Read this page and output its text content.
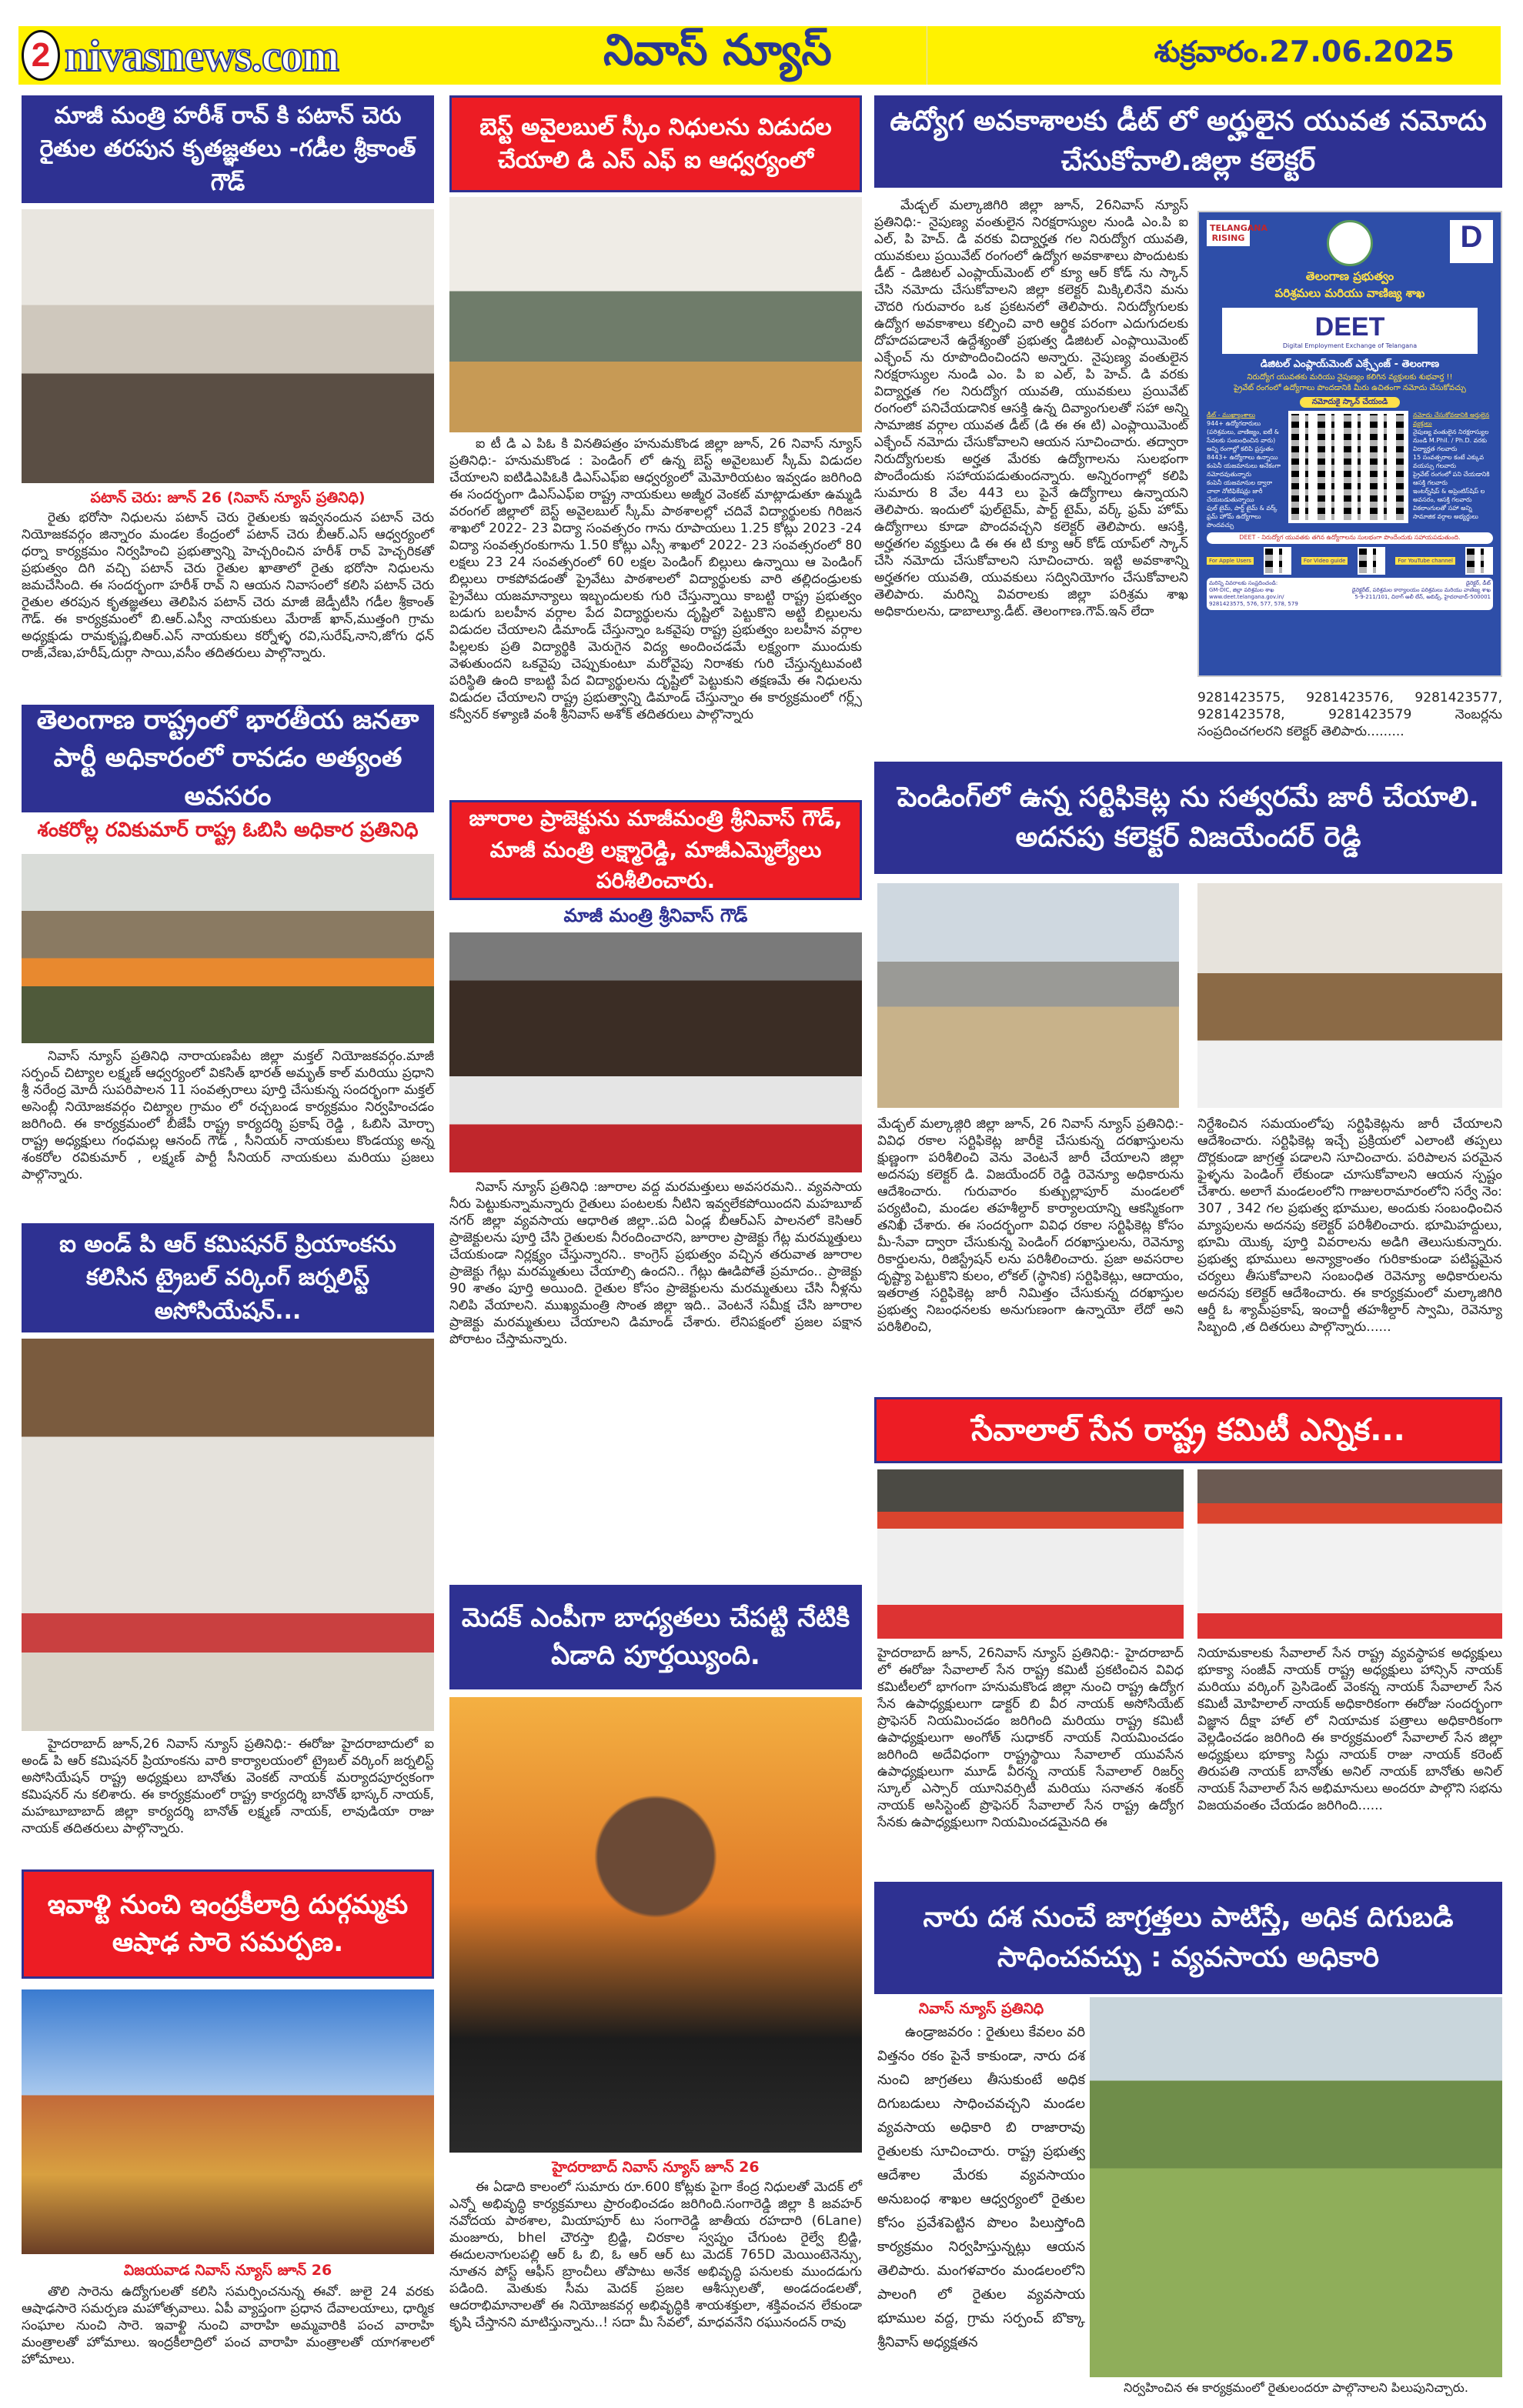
2 nivasnews.com	నివాస్ న్యూస్	శుక్రవారం.27.06.2025
మాజీ మంత్రి హరీశ్ రావ్ కి పటాన్ చెరు రైతుల తరపున కృతజ్ఞతలు -గడీల శ్రీకాంత్ గౌడ్
పటాన్ చెరు: జూన్ 26 (నివాస్ న్యూస్ ప్రతినిధి)

రైతు భరోసా నిధులను పటాన్ చెరు రైతులకు ఇవ్వనందున పటాన్ చెరు నియోజకవర్గం జిన్నారం మండల కేంద్రంలో పటాన్ చెరు బీఆర్.ఎస్ ఆధ్వర్యంలో ధర్నా కార్యక్రమం నిర్వహించి ప్రభుత్వాన్ని హెచ్చరించిన హరీశ్ రావ్ హెచ్చరికతో ప్రభుత్వం దిగి వచ్చి పటాన్ చెరు రైతుల ఖాతాలో రైతు భరోసా నిధులను జమచేసింది. ఈ సందర్భంగా హరీశ్ రావ్ ని ఆయన నివాసంలో కలిసి పటాన్ చెరు రైతుల తరపున కృతజ్ఞతలు తెలిపిన పటాన్ చెరు మాజీ జెడ్పీటీసి గడీల శ్రీకాంత్ గౌడ్. ఈ కార్యక్రమంలో బి.ఆర్.ఎస్వీ నాయకులు మేరాజ్ ఖాన్,ముత్తంగి గ్రామ అధ్యక్షుడు రామకృష్ణ,బిఆర్.ఎస్ నాయకులు కర్నోళ్ళ రవి,సురేష్,నాని,జోగు ధన్ రాజ్,వేణు,హరీష్,దుర్గా సాయి,వసీం తదితరులు పాల్గొన్నారు.

తెలంగాణ రాష్ట్రంలో భారతీయ జనతా పార్టీ అధికారంలో రావడం అత్యంత అవసరం
శంకరోల్ల రవికుమార్ రాష్ట్ర ఓబిసి అధికార ప్రతినిధి

నివాస్ న్యూస్ ప్రతినిధి నారాయణపేట జిల్లా మక్తల్ నియోజకవర్గం.మాజీ సర్పంచ్ చిట్యాల లక్ష్మణ్ ఆధ్వర్యంలో వికసిత్ భారత్ అమృత్ కాల్ మరియు ప్రధాని శ్రీ నరేంద్ర మోదీ సుపరిపాలన 11 సంవత్సరాలు పూర్తి చేసుకున్న సందర్భంగా మక్తల్ అసెంబ్లీ నియోజకవర్గం చిట్యాల గ్రామం లో రచ్చబండ కార్యక్రమం నిర్వహించడం జరిగింది. ఈ కార్యక్రమంలో బీజేపీ రాష్ట్ర కార్యదర్శి ప్రకాష్ రెడ్డి , ఓబిసి మోర్చా రాష్ట్ర అధ్యక్షులు గంధమల్ల ఆనంద్ గౌడ్ , సీనియర్ నాయకులు కొండయ్య అన్న శంకరోల రవికుమార్ , లక్ష్మణ్ పార్టీ సీనియర్ నాయకులు మరియు ప్రజలు పాల్గొన్నారు.

ఐ అండ్ పి ఆర్ కమిషనర్ ప్రియాంకను కలిసిన ట్రైబల్ వర్కింగ్ జర్నలిస్ట్ అసోసియేషన్...

హైదరాబాద్ జూన్,26 నివాస్ న్యూస్ ప్రతినిధి:- ఈరోజు హైదరాబాదులో ఐ అండ్ పి ఆర్ కమిషనర్ ప్రియాంకను వారి కార్యాలయంలో ట్రైబల్ వర్కింగ్ జర్నలిస్ట్ అసోసియేషన్ రాష్ట్ర అధ్యక్షులు బానోతు వెంకట్ నాయక్ మర్యాదపూర్వకంగా కమిషనర్ ను కలిశారు. ఈ కార్యక్రమంలో రాష్ట్ర కార్యదర్శి బానోత్ భాస్కర్ నాయక్, మహబూబాబాద్ జిల్లా కార్యదర్శి బానోత్ లక్ష్మణ్ నాయక్, లావుడియా రాజు నాయక్ తదితరులు పాల్గొన్నారు.

ఇవాళ్టి నుంచి ఇంద్రకీలాద్రి దుర్గమ్మకు ఆషాఢ సారె సమర్పణ.
విజయవాడ నివాస్ న్యూస్ జూన్ 26

తొలి సారెను ఉద్యోగులతో కలిసి సమర్పించనున్న ఈవో. జులై 24 వరకు ఆషాఢసారె సమర్పణ మహోత్సవాలు. ఏపీ వ్యాప్తంగా ప్రధాన దేవాలయాలు, ధార్మిక సంఘాల నుంచి సారె. ఇవాళ్టి నుంచి వారాహి అమ్మవారికి పంచ వారాహి మంత్రాలతో హోమాలు. ఇంద్రకీలాద్రిలో పంచ వారాహి మంత్రాలతో యాగశాలలో హోమాలు.

బెస్ట్ అవైలబుల్ స్కీం నిధులను విడుదల చేయాలి డి ఎస్ ఎఫ్ ఐ ఆధ్వర్యంలో

ఐ టీ డి ఎ పిఓ కి వినతిపత్రం హనుమకొండ జిల్లా జూన్, 26 నివాస్ న్యూస్ ప్రతినిధి:- హనుమకొండ : పెండింగ్ లో ఉన్న బెస్ట్ అవైలబుల్ స్కీమ్ విడుదల చేయాలని ఐటిడిఎపిఓకి డిఎస్ఎఫ్ఐ ఆధ్వర్యంలో మెమోరియటం ఇవ్వడం జరిగింది ఈ సందర్భంగా డిఎస్ఎఫ్ఐ రాష్ట్ర నాయకులు అజ్మీర వెంకట్ మాట్లాడుతూ ఉమ్మడి వరంగల్ జిల్లాలో బెస్ట్ అవైలబుల్ స్కీమ్ పాఠశాలల్లో చదివే విద్యార్థులకు గిరిజన శాఖలో 2022- 23 విద్యా సంవత్సరం గాను రూపాయలు 1.25 కోట్లు 2023 -24 విద్యా సంవత్సరంకుగాను 1.50 కోట్లు ఎస్సీ శాఖలో 2022- 23 సంవత్సరంలో 80 లక్షలు 23 24 సంవత్సరంలో 60 లక్షల పెండింగ్ బిల్లులు ఉన్నాయి ఆ పెండింగ్ బిల్లులు రాకపోవడంతో ప్రైవేటు పాఠశాలలో విద్యార్థులకు వారి తల్లిదండ్రులకు ప్రైవేటు యజమాన్యాలు ఇబ్బందులకు గురి చేస్తున్నాయి కాబట్టి రాష్ట్ర ప్రభుత్వం బడుగు బలహీన వర్గాల పేద విద్యార్థులను దృష్టిలో పెట్టుకొని అట్టి బిల్లులను విడుదల చేయాలని డిమాండ్ చేస్తున్నాం ఒకవైపు రాష్ట్ర ప్రభుత్వం బలహీన వర్గాల పిల్లలకు ప్రతి విద్యార్థికి మెరుగైన విద్య అందించడమే లక్ష్యంగా ముందుకు వెళుతుందని ఒకవైపు చెప్పుకుంటూ మరోవైపు నిరాశకు గురి చేస్తున్నటువంటి పరిస్థితి ఉంది కాబట్టి పేద విద్యార్థులను దృష్టిలో పెట్టుకుని తక్షణమే ఈ నిధులను విడుదల చేయాలని రాష్ట్ర ప్రభుత్వాన్ని డిమాండ్ చేస్తున్నాం ఈ కార్యక్రమంలో గర్ల్స్ కన్వీనర్ కళ్యాణి వంశీ శ్రీనివాస్ అశోక్ తదితరులు పాల్గొన్నారు

జూరాల ప్రాజెక్టును మాజీమంత్రి శ్రీనివాస్ గౌడ్, మాజీ మంత్రి లక్ష్మారెడ్డి, మాజీఎమ్మెల్యేలు పరిశీలించారు.
మాజీ మంత్రి శ్రీనివాస్ గౌడ్

నివాస్ న్యూస్ ప్రతినిధి :జూరాల వద్ద మరమత్తులు అవసరమని.. వ్యవసాయ నీరు పెట్టుకున్నామన్నారు రైతులు పంటలకు నీటిని ఇవ్వలేకపోయిందని మహబూబ్ నగర్ జిల్లా వ్యవసాయ ఆధారిత జిల్లా..పది ఏండ్ల బీఆర్ఎస్ పాలనలో కెసిఆర్ ప్రాజెక్టులను పూర్తి చేసి రైతులకు నీరందించారని, జూరాల ప్రాజెక్టు గేట్ల మరమ్మత్తులు చేయకుండా నిర్లక్ష్యం చేస్తున్నారని.. కాంగ్రెస్ ప్రభుత్వం వచ్చిన తరువాత జూరాల ప్రాజెక్టు గేట్లు మరమ్మతులు చేయాల్సి ఉందని.. గేట్లు ఊడిపోతే ప్రమాదం.. ప్రాజెక్టు 90 శాతం పూర్తి అయింది. రైతుల కోసం ప్రాజెక్టులను మరమ్మతులు చేసి నీళ్లను నిలిపి వేయాలని. ముఖ్యమంత్రి సొంత జిల్లా ఇది.. వెంటనే సమీక్ష చేసి జూరాల ప్రాజెక్టు మరమ్మతులు చేయాలని డిమాండ్ చేశారు. లేనిపక్షంలో ప్రజల పక్షాన పోరాటం చేస్తామన్నారు.

మెదక్ ఎంపీగా బాధ్యతలు చేపట్టి నేటికి ఏడాది పూర్తయ్యింది.
హైదరాబాద్ నివాస్ న్యూస్ జూన్ 26

ఈ ఏడాది కాలంలో సుమారు రూ.600 కోట్లకు పైగా కేంద్ర నిధులతో మెదక్ లో ఎన్నో అభివృద్ధి కార్యక్రమాలు ప్రారంభించడం జరిగింది.సంగారెడ్డి జిల్లా కి జవహర్ నవోదయ పాఠశాల, మియాపూర్ టు సంగారెడ్డి జాతీయ రహదారి (6Lane) మంజూరు, bhel చౌరస్తా బ్రిడ్జి, చిరకాల స్వప్నం చేగుంట రైల్వే బ్రిడ్జి, ఈదులనాగులపల్లి ఆర్ ఓ బి, ఓ ఆర్ ఆర్ టు మెదక్ 765D మెయింటెనెన్సు, నూతన పోస్ట్ ఆఫీస్ బ్రాంచీలు తోపాటు అనేక అభివృద్ధి పనులకు ముందడుగు పడింది. మెతుకు సీమ మెదక్ ప్రజల ఆశీస్సులతో, అండదండలతో, ఆదరాభిమానాలతో ఈ నియోజకవర్గ అభివృద్ధికి శాయశక్తులా, శక్తివంచన లేకుండా కృషి చేస్తానని మాటిస్తున్నాను..! సదా మీ సేవలో, మాధవనేని రఘునందన్ రావు

ఉద్యోగ అవకాశాలకు డీట్ లో అర్హులైన యువత నమోదు చేసుకోవాలి.జిల్లా కలెక్టర్

మేడ్చల్ మల్కాజిగిరి జిల్లా జూన్, 26నివాస్ న్యూస్ ప్రతినిధి:- నైపుణ్య వంతులైన నిరక్షరాస్యుల నుండి ఎం.పి ఐ ఎల్, పి హెచ్. డి వరకు విద్యార్హత గల నిరుద్యోగ యువతి, యువకులు ప్రయివేట్ రంగంలో ఉద్యోగ అవకాశాలు పొందుటకు డీట్ - డిజిటల్ ఎంప్లాయ్‌మెంట్ లో క్యూ ఆర్ కోడ్ ను స్కాన్ చేసి నమోదు చేసుకోవాలని జిల్లా కలెక్టర్ మిక్కిలినేని మను చౌదరి గురువారం ఒక ప్రకటనలో తెలిపారు. నిరుద్యోగులకు ఉద్యోగ అవకాశాలు కల్పించి వారి ఆర్థిక పరంగా ఎదుగుదలకు దోహదపడాలనే ఉద్దేశ్యంతో ప్రభుత్వ డిజిటల్ ఎంప్లాయిమెంట్ ఎక్ఛేంచ్ ను రూపొందించిందని అన్నారు. నైపుణ్య వంతులైన నిరక్షరాస్యుల నుండి ఎం. పి ఐ ఎల్, పి హెచ్. డి వరకు విద్యార్హత గల నిరుద్యోగ యువతి, యువకులు ప్రయివేట్ రంగంలో పనిచేయడానిక ఆసక్తి ఉన్న దివ్యాంగులతో సహా అన్ని సామాజిక వర్గాల యువత డీట్ (డి ఈ ఈ టి) ఎంప్లాయిమెంట్ ఎక్ఛేంచ్ నమోదు చేసుకోవాలని ఆయన సూచించారు. తద్వారా నిరుద్యోగులకు అర్హత మేరకు ఉద్యోగాలను సులభంగా పొందేందుకు సహాయపడుతుందన్నారు. అన్నిరంగాల్లో కలిపి సుమారు 8 వేల 443 లు పైనే ఉద్యోగాలు ఉన్నాయని తెలిపారు. ఇందులో ఫుల్‌టైమ్, పార్ట్ టైమ్, వర్క్ ఫ్రమ్ హోమ్ ఉద్యోగాలు కూడా పొందవచ్చని కలెక్టర్ తెలిపారు. ఆసక్తి, అర్హతగల వ్యక్తులు డి ఈ ఈ టి క్యూ ఆర్ కోడ్ యాప్‌లో స్కాన్ చేసి నమోదు చేసుకోవాలని సూచించారు. ఇట్టి అవకాశాన్ని అర్హతగల యువతి, యువకులు సద్వినియోగం చేసుకోవాలని తెలిపారు. మరిన్ని వివరాలకు జిల్లా పరిశ్రమ శాఖ అధికారులను, డాబాల్యూ.డీట్. తెలంగాణ.గౌవ్.ఇన్ లేదా

9281423575, 9281423576, 9281423577, 9281423578, 9281423579 నెంబర్లను సంప్రదించగలరని కలెక్టర్ తెలిపారు.........
TELANGANA RISING	D
తెలంగాణ ప్రభుత్వం
పరిశ్రమలు మరియు వాణిజ్య శాఖ
DEET
Digital Employment Exchange of Telangana
డిజిటల్ ఎంప్లాయ్‌మెంట్ ఎక్స్ఛేంజ్ - తెలంగాణ
నిరుద్యోగ యువతకు మరియు నైపుణ్యం కలిగిన వ్యక్తులకు శుభవార్త !!
ప్రైవేట్ రంగంలో ఉద్యోగాలు పొందడానికి మీరు ఉచితంగా నమోదు చేసుకోవచ్చు
నమోదుకై స్కాన్ చేయండి
డీట్ - ముఖ్యాంశాలు
944+ ఉద్యోగదారులు (పరిశ్రమలు, వాణిజ్యం, ఐటీ & సేవలకు సంబంధించిన వారు)
అన్ని రంగాల్లో కలిపి ప్రస్తుతం 8443+ ఉద్యోగాలు ఉన్నాయి
కంపెనీ యజమానులు అనేకంగా నమోదవుతున్నారు
కంపెనీ యజమానుల ద్వారా చాలా నోటిఫికేషన్లు జారీ చేయబడుతున్నాయి
ఫుల్ టైమ్, పార్ట్ టైమ్ & వర్క్ ఫ్రమ్ హోమ్ ఉద్యోగాలు పొందవచ్చు
నమోదు చేసుకోవడానికి అర్హులైన వ్యక్తులు
నైపుణ్య వంతులైన నిరక్షరాస్యుల నుండి M.Phil. / Ph.D. వరకు విద్యార్హత గలవారు
15 సంవత్సరాల కంటే ఎక్కువ వయస్సు గలవారు
ప్రైవేట్ రంగంలో పని చేయడానికి ఆసక్తి గలవారు
ఇంటర్న్‌షిప్ & అప్రెంటిస్‌షిప్ ల అవసరం, ఆసక్తి గలవారు
వికలాంగులతో సహా అన్ని సామాజిక వర్గాల అభ్యర్థులు
DEET - నిరుద్యోగ యువతకు తగిన ఉద్యోగాలను సులభంగా పొందేందుకు సహాయపడుతుంది.
For Apple Users	For Video guide	For YouTube channel
మరిన్ని వివరాలకు సంప్రదించండి:
GM-DIC, జిల్లా పరిశ్రమల శాఖ
www.deet.telangana.gov.in/
9281423575, 576, 577, 578, 579
డైరెక్టర్, డీట్
డైరెక్టరేట్, పరిశ్రమల కార్యాలయం పరిశ్రమలు మరియు వాణిజ్య శాఖ
5-9-211/101, చిరాగ్ అలీ లేన్, అబిడ్స్, హైదరాబాద్-500001
పెండింగ్‌లో ఉన్న సర్టిఫికెట్ల ను సత్వరమే జారీ చేయాలి. అదనపు కలెక్టర్ విజయేందర్ రెడ్డి
మేడ్చల్ మల్కాజ్గిరి జిల్లా జూన్, 26 నివాస్ న్యూస్ ప్రతినిధి:-వివిధ రకాల సర్టిఫికెట్ల జారీకై చేసుకున్న దరఖాస్తులను క్షుణ్ణంగా పరిశీలించి వెను వెంటనే జారీ చేయాలని జిల్లా అదనపు కలెక్టర్ డి. విజయేందర్ రెడ్డి రెవెన్యూ అధికారును ఆదేశించారు. గురువారం కుత్బుల్లాపూర్ మండలలో పర్యటించి, మండల తహశీల్దార్ కార్యాలయాన్ని ఆకస్మికంగా తనిఖీ చేశారు. ఈ సందర్భంగా వివిధ రకాల సర్టిఫికెట్ల కోసం మీ-సేవా ద్వారా చేసుకున్న పెండింగ్ దరఖాస్తులను, రెవెన్యూ రికార్డులను, రిజిస్ట్రేషన్ లను పరిశీలించారు. ప్రజా అవసరాల దృష్ట్యా పెట్టుకొని కులం, లోకల్ (స్థానిక) సర్టిఫికెట్లు, ఆదాయం, ఇతరాత్ర సర్టిఫికెట్ల జారీ నిమిత్తం చేసుకున్న దరఖాస్తుల ప్రభుత్వ నిబంధనలకు అనుగుణంగా ఉన్నాయో లేదో అని పరిశీలించి,
నిర్దేశించిన సమయంలోపు సర్టిఫికెట్లను జారీ చేయాలని ఆదేశించారు. సర్టిఫికెట్ల ఇచ్చే ప్రక్రియలో ఎలాంటి తప్పలు దొర్లకుండా జాగ్రత్త పడాలని సూచించారు. పరిపాలన పరమైన ఫైళ్ళను పెండింగ్ లేకుండా చూసుకోవాలని ఆయన స్పష్టం చేశారు. అలాగే మండలంలోని గాజులరామారంలోని సర్వే నెం: 307 , 342 గల ప్రభుత్వ భూముల, అందుకు సంబంధించిన మ్యాపులను అదనపు కలెక్టర్ పరిశీలించారు. భూమిహద్దులు, భూమి యొక్క పూర్తి వివరాలను అడిగి తెలుసుకున్నారు. ప్రభుత్వ భూములు అన్యాక్రాంతం గురికాకుండా పటిష్టమైన చర్యలు తీసుకోవాలని సంబంధిత రెవెన్యూ అధికారులను అదనపు కలెక్టర్ ఆదేశించారు. ఈ కార్యక్రమంలో మల్కాజిగిరి ఆర్డీ ఓ శ్యామ్‌ప్రకాష్, ఇంచార్జీ తహశీల్దార్ స్వామి, రెవెన్యూ సిబ్బంది ,త దితరులు పాల్గొన్నారు......
సేవాలాల్ సేన రాష్ట్ర కమిటీ ఎన్నిక...
హైదరాబాద్ జూన్, 26నివాస్ న్యూస్ ప్రతినిధి:- హైదరాబాద్ లో ఈరోజు సేవాలాల్ సేన రాష్ట్ర కమిటీ ప్రకటించిన వివిధ కమిటీలలో భాగంగా హనుమకొండ జిల్లా నుంచి రాష్ట్ర ఉద్యోగ సేన ఉపాధ్యక్షులుగా డాక్టర్ బి వీర నాయక్ అసోసియేట్ ప్రొఫెసర్ నియమించడం జరిగింది మరియు రాష్ట్ర కమిటీ ఉపాధ్యక్షులుగా అంగోత్ సుధాకర్ నాయక్ నియమించడం జరిగింది అదేవిధంగా రాష్ట్రస్థాయి సేవాలాల్ యువసేన ఉపాధ్యక్షులుగా మూడ్ వీరన్న నాయక్ సేవాలాల్ రిజర్వ్ స్కూల్ ఎస్సార్ యూనివర్సిటీ మరియు సనాతన శంకర్ నాయక్ అసిస్టెంట్ ప్రొఫెసర్ సేవాలాల్ సేన రాష్ట్ర ఉద్యోగ సేనకు ఉపాధ్యక్షులుగా నియమించడమైనది ఈ
నియామకాలకు సేవాలాల్ సేన రాష్ట్ర వ్యవస్థాపక అధ్యక్షులు భూక్యా సంజీవ్ నాయక్ రాష్ట్ర అధ్యక్షులు హాన్సిన్ నాయక్ మరియు వర్కింగ్ ప్రెసిడెంట్ వెంకన్న నాయక్ సేవాలాల్ సేన కమిటీ మోహిలాల్ నాయక్ అధికారికంగా ఈరోజు సందర్భంగా విజ్ఞాన దీక్షా హాల్ లో నియామక పత్రాలు అధికారికంగా వెల్లడించడం జరిగింది ఈ కార్యక్రమంలో సేవాలాల్ సేన జిల్లా అధ్యక్షులు భూక్యా సిద్ధు నాయక్ రాజు నాయక్ కరెంట్ తిరుపతి నాయక్ బానోతు అనిల్ నాయక్ బానోతు అనిల్ నాయక్ సేవాలాల్ సేన అభిమానులు అందరూ పాల్గొని సభను విజయవంతం చేయడం జరిగింది......
నారు దశ నుంచే జాగ్రత్తలు పాటిస్తే, అధిక దిగుబడి సాధించవచ్చు : వ్యవసాయ అధికారి
నివాస్ న్యూస్ ప్రతినిధి

ఉండ్రాజవరం : రైతులు కేవలం వరి విత్తనం రకం పైనే కాకుండా, నారు దశ నుంచి జాగ్రతలు తీసుకుంటే అధిక దిగుబడులు సాధించవచ్చని మండల వ్యవసాయ అధికారి బి రాజారావు రైతులకు సూచించారు. రాష్ట్ర ప్రభుత్వ ఆదేశాల మేరకు వ్యవసాయం అనుబంధ శాఖల ఆధ్వర్యంలో రైతుల కోసం ప్రవేశపెట్టిన పొలం పిలుస్తోంది కార్యక్రమం నిర్వహిస్తున్నట్లు ఆయన తెలిపారు. మంగళవారం మండలంలోని పాలంగి లో రైతుల వ్యవసాయ భూముల వద్ద, గ్రామ సర్పంచ్ బొక్కా శ్రీనివాస్ అధ్యక్షతన

నిర్వహించిన ఈ కార్యక్రమంలో రైతులందరూ పాల్గొనాలని పిలుపునిచ్చారు.
